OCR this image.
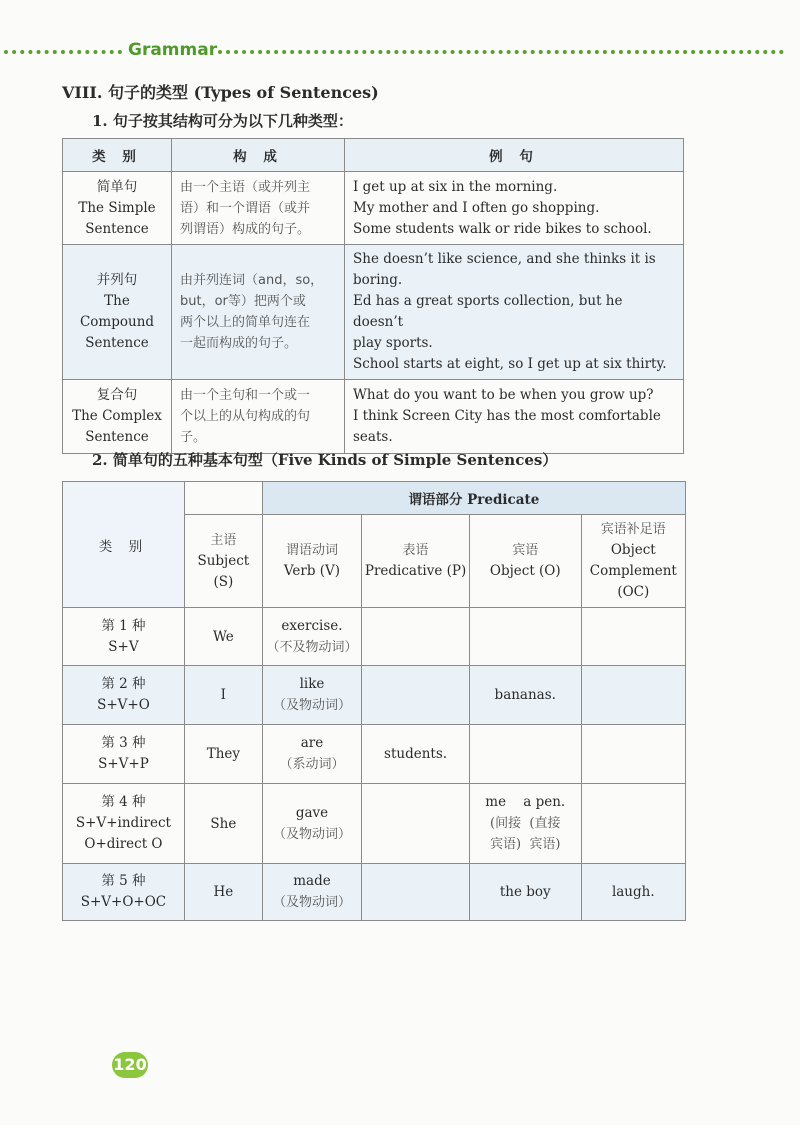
Grammar
VIII. 句子的类型 (Types of Sentences)
1. 句子按其结构可分为以下几种类型：
类 别	构 成	例 句

简单句
The Simple
Sentence	由一个主语（或并列主
语）和一个谓语（或并
列谓语）构成的句子。	I get up at six in the morning.
My mother and I often go shopping.
Some students walk or ride bikes to school.

并列句
The Compound
Sentence	由并列连词（and，so，
but，or等）把两个或
两个以上的简单句连在
一起而构成的句子。	She doesn’t like science, and she thinks it is
boring.
Ed has a great sports collection, but he doesn’t
play sports.
School starts at eight, so I get up at six thirty.

复合句
The Complex
Sentence	由一个主句和一个或一
个以上的从句构成的句
子。	What do you want to be when you grow up?
I think Screen City has the most comfortable
seats.
2. 简单句的五种基本句型（Five Kinds of Simple Sentences）
类 别		谓语部分 Predicate			

	主语
Subject (S)	谓语动词
Verb (V)	表语
Predicative (P)	宾语
Object (O)	宾语补足语
Object
Complement
(OC)

第 1 种
S+V	We	exercise.
（不及物动词）			

第 2 种
S+V+O	I	like
（及物动词）		bananas.	

第 3 种
S+V+P	They	are
（系动词）	students.		

第 4 种
S+V+indirect
O+direct O	She	gave
（及物动词）		me    a pen.
(间接  (直接
宾语)  宾语)	

第 5 种
S+V+O+OC	He	made
（及物动词）		the boy	laugh.
120
